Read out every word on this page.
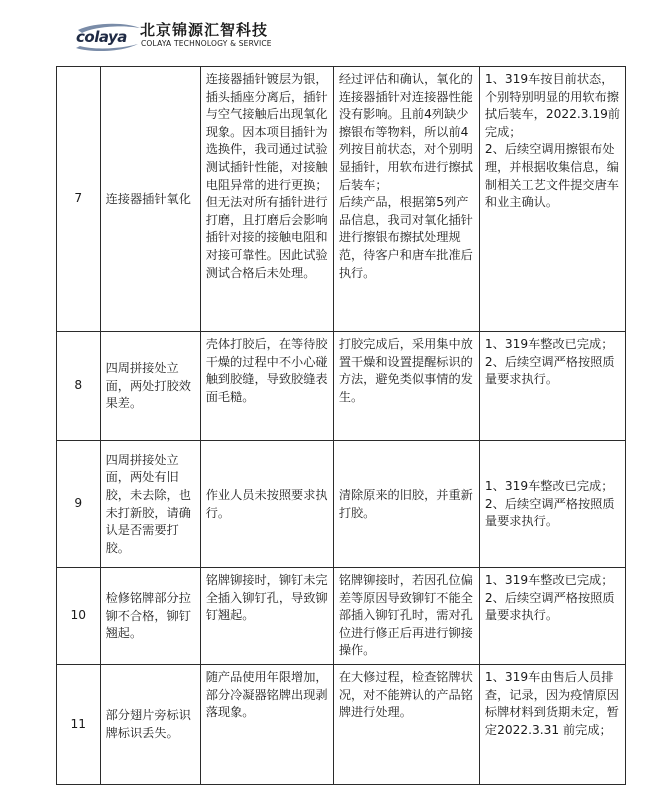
colaya 北京锦源汇智科技
COLAYA TECHNOLOGY & SERVICE
7	连接器插针氧化	连接器插针镀层为银，插头插座分离后，插针与空气接触后出现氧化现象。因本项目插针为选换件，我司通过试验测试插针性能，对接触电阻异常的进行更换；但无法对所有插针进行打磨，且打磨后会影响插针对接的接触电阻和对接可靠性。因此试验测试合格后未处理。	经过评估和确认，氧化的连接器插针对连接器性能没有影响。且前4列缺少擦银布等物料，所以前4列按目前状态，对个别明显插针，用软布进行擦拭后装车；
后续产品，根据第5列产品信息，我司对氧化插针进行擦银布擦拭处理规范，待客户和唐车批准后执行。	1、319车按目前状态，个别特别明显的用软布擦拭后装车，2022.3.19前完成；
2、后续空调用擦银布处理，并根据收集信息，编制相关工艺文件提交唐车和业主确认。

8	四周拼接处立面，两处打胶效果差。	壳体打胶后，在等待胶干燥的过程中不小心碰触到胶缝，导致胶缝表面毛糙。	打胶完成后，采用集中放置干燥和设置提醒标识的方法，避免类似事情的发生。	1、319车整改已完成；
2、后续空调严格按照质量要求执行。

9	四周拼接处立面，两处有旧胶，未去除，也未打新胶，请确认是否需要打胶。	作业人员未按照要求执行。	清除原来的旧胶，并重新打胶。	1、319车整改已完成；
2、后续空调严格按照质量要求执行。

10	检修铭牌部分拉铆不合格，铆钉翘起。	铭牌铆接时，铆钉未完全插入铆钉孔，导致铆钉翘起。	铭牌铆接时，若因孔位偏差等原因导致铆钉不能全部插入铆钉孔时，需对孔位进行修正后再进行铆接操作。	1、319车整改已完成；
2、后续空调严格按照质量要求执行。

11	部分翅片旁标识牌标识丢失。	随产品使用年限增加，部分冷凝器铭牌出现剥落现象。	在大修过程，检查铭牌状况，对不能辨认的产品铭牌进行处理。	1、319车由售后人员排查，记录，因为疫情原因标牌材料到货期未定，暂定2022.3.31 前完成；
